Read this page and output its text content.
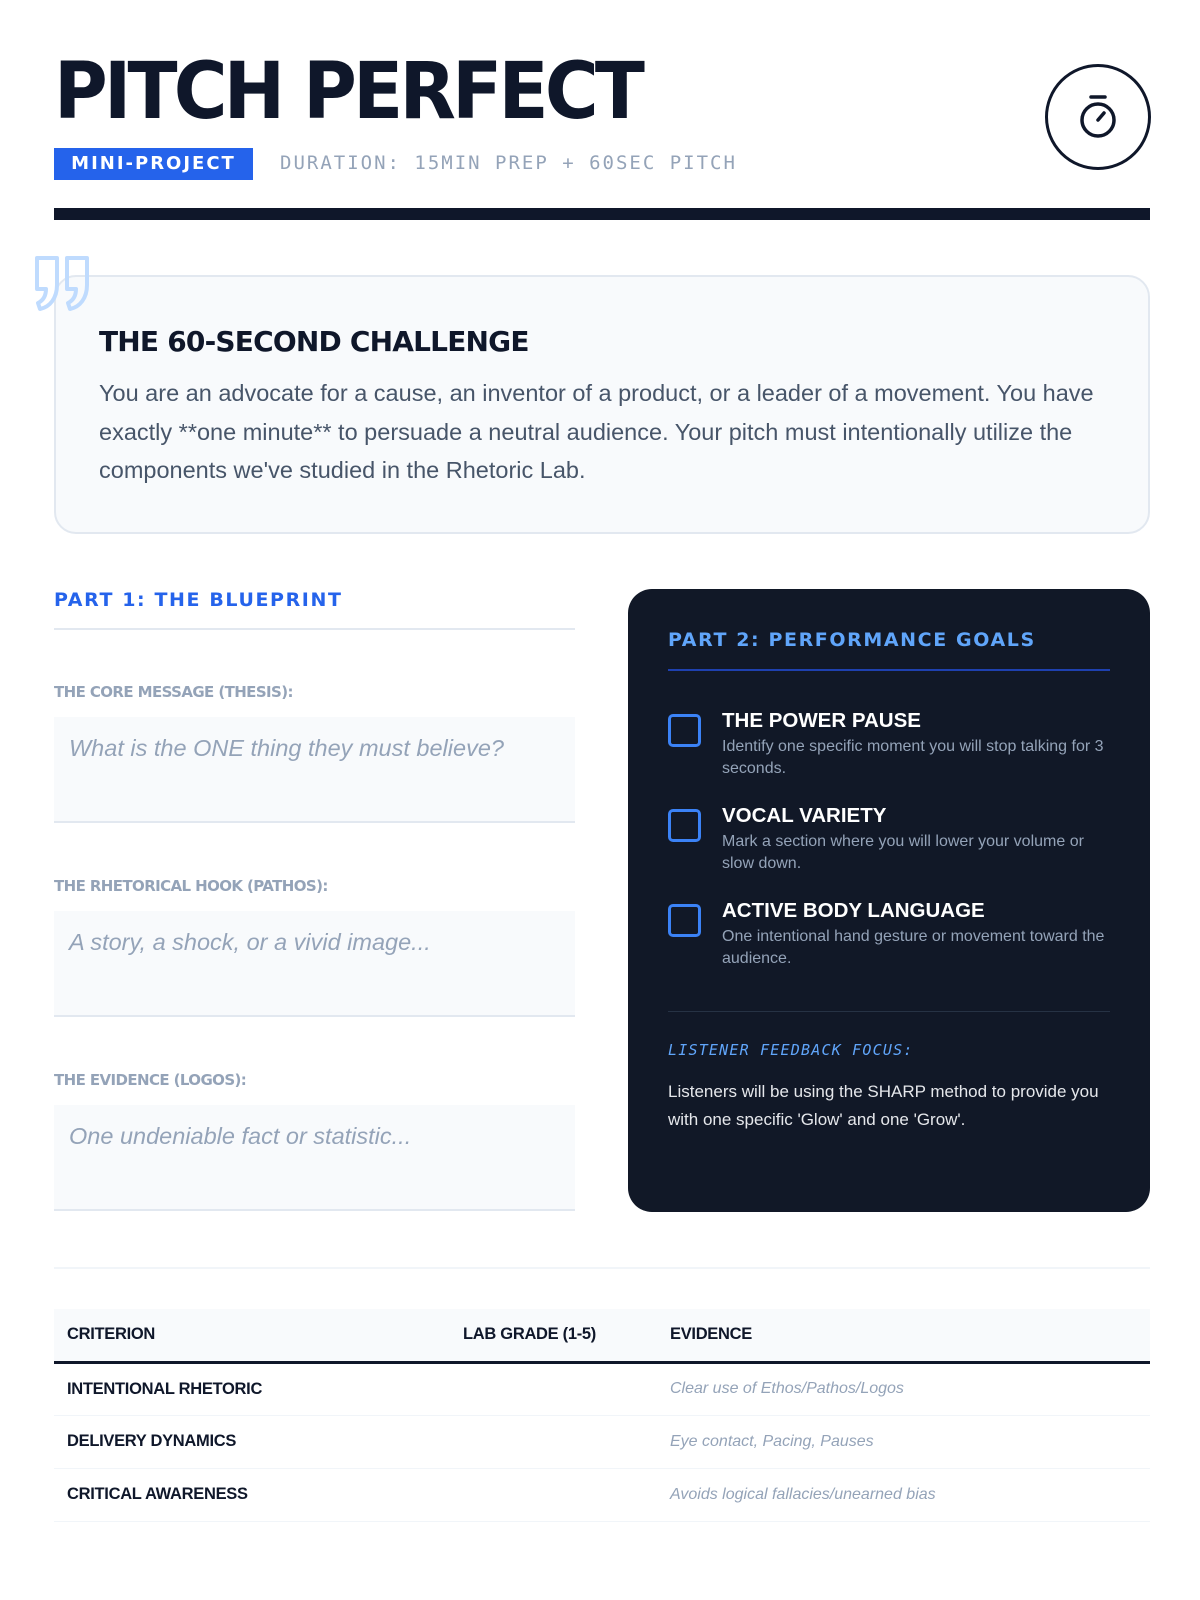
PITCH PERFECT
MINI-PROJECT	DURATION: 15MIN PREP + 60SEC PITCH
THE 60-SECOND CHALLENGE

You are an advocate for a cause, an inventor of a product, or a leader of a movement. You have exactly **one minute** to persuade a neutral audience. Your pitch must intentionally utilize the components we've studied in the Rhetoric Lab.

PART 1: THE BLUEPRINT
THE CORE MESSAGE (THESIS):
What is the ONE thing they must believe?
THE RHETORICAL HOOK (PATHOS):
A story, a shock, or a vivid image...
THE EVIDENCE (LOGOS):
One undeniable fact or statistic...
PART 2: PERFORMANCE GOALS
THE POWER PAUSE
Identify one specific moment you will stop talking for 3 seconds.
VOCAL VARIETY
Mark a section where you will lower your volume or slow down.
ACTIVE BODY LANGUAGE
One intentional hand gesture or movement toward the audience.
LISTENER FEEDBACK FOCUS:
Listeners will be using the SHARP method to provide you with one specific 'Glow' and one 'Grow'.
CRITERION	LAB GRADE (1-5)	EVIDENCE
INTENTIONAL RHETORIC		Clear use of Ethos/Pathos/Logos
DELIVERY DYNAMICS		Eye contact, Pacing, Pauses
CRITICAL AWARENESS		Avoids logical fallacies/unearned bias
